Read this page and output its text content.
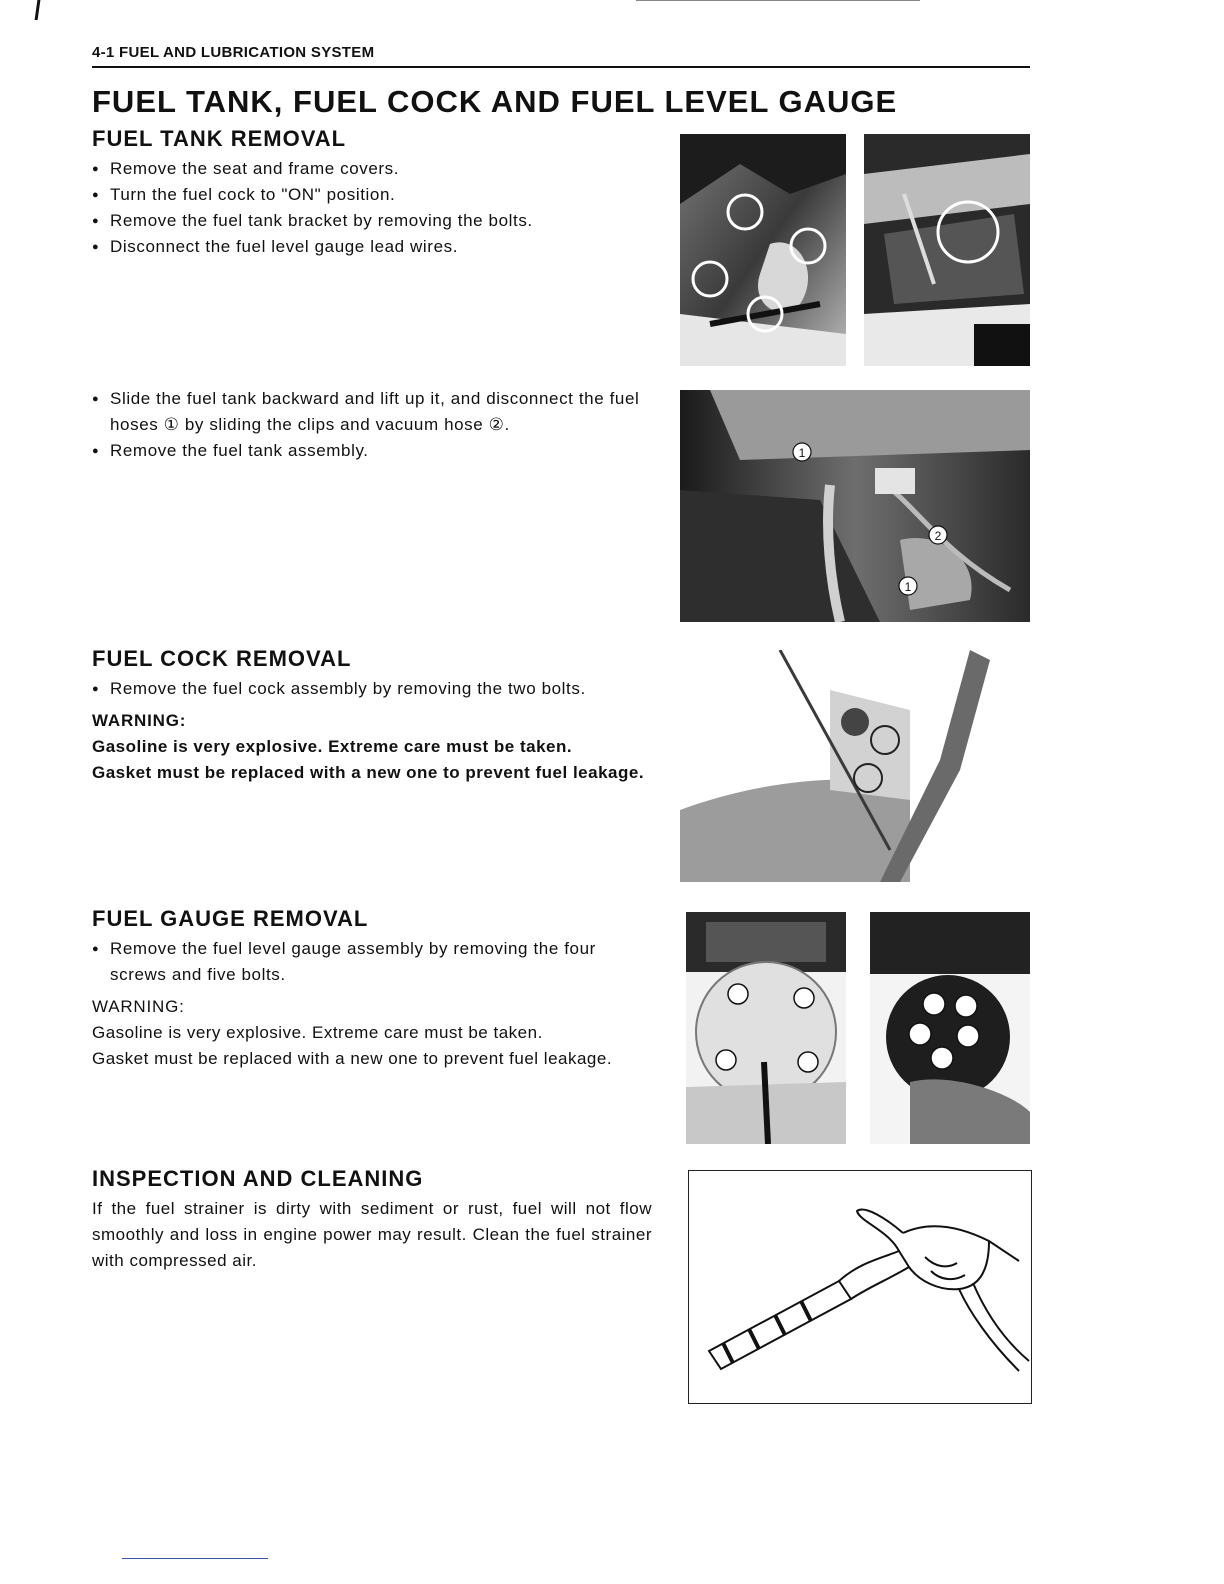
4-1 FUEL AND LUBRICATION SYSTEM
FUEL TANK, FUEL COCK AND FUEL LEVEL GAUGE
FUEL TANK REMOVAL
● Remove the seat and frame covers.
● Turn the fuel cock to "ON" position.
● Remove the fuel tank bracket by removing the bolts.
● Disconnect the fuel level gauge lead wires.
● Slide the fuel tank backward and lift up it, and disconnect the fuel hoses ① by sliding the clips and vacuum hose ②.
● Remove the fuel tank assembly.
FUEL COCK REMOVAL
● Remove the fuel cock assembly by removing the two bolts.
WARNING:
Gasoline is very explosive. Extreme care must be taken.
Gasket must be replaced with a new one to prevent fuel leakage.
FUEL GAUGE REMOVAL
● Remove the fuel level gauge assembly by removing the four screws and five bolts.
WARNING:
Gasoline is very explosive. Extreme care must be taken.
Gasket must be replaced with a new one to prevent fuel leakage.
INSPECTION AND CLEANING
If the fuel strainer is dirty with sediment or rust, fuel will not flow smoothly and loss in engine power may result. Clean the fuel strainer with compressed air.
1
2
1
